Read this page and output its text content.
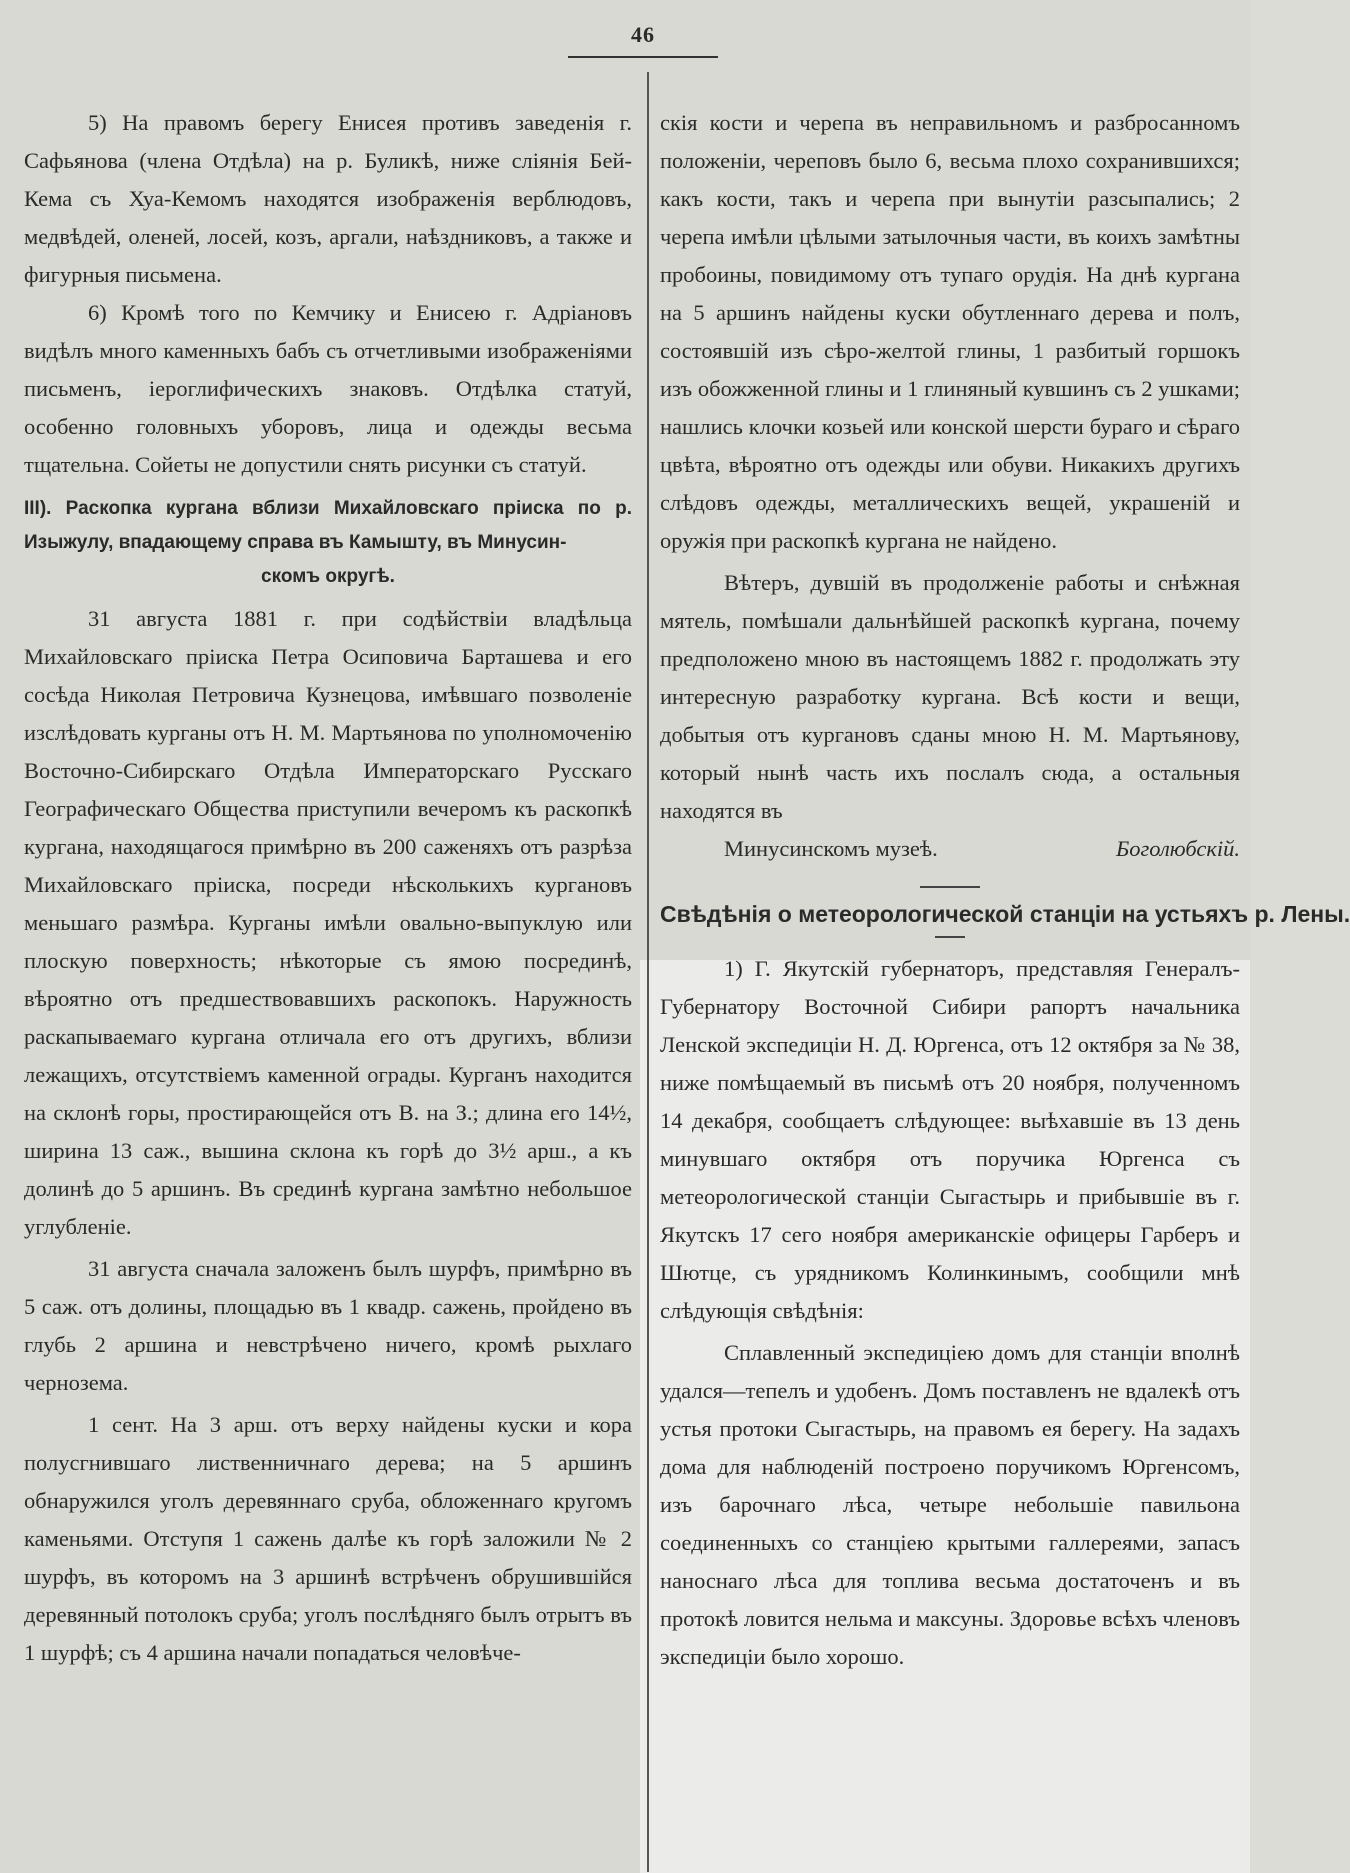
46

5) На правомъ берегу Енисея противъ заведенія г. Сафьянова (члена Отдѣла) на р. Буликѣ, ниже сліянія Бей-Кема съ Хуа-Кемомъ находятся изображенія верблюдовъ, медвѣдей, оленей, лосей, козъ, аргали, наѣздниковъ, а также и фигурныя письмена.

6) Кромѣ того по Кемчику и Енисею г. Адріановъ видѣлъ много каменныхъ бабъ съ отчетливыми изображеніями письменъ, іероглифическихъ знаковъ. Отдѣлка статуй, особенно головныхъ уборовъ, лица и одежды весьма тщательна. Сойеты не допустили снять рисунки съ статуй.

III). Раскопка кургана вблизи Михайловскаго пріиска по р. Изыжулу, впадающему справа въ Камышту, въ Минусин-
скомъ округѣ.

31 августа 1881 г. при содѣйствіи владѣльца Михайловскаго пріиска Петра Осиповича Барташева и его сосѣда Николая Петровича Кузнецова, имѣвшаго позволеніе изслѣдовать курганы отъ Н. М. Мартьянова по уполномоченію Восточно-Сибирскаго Отдѣла Императорскаго Русскаго Географическаго Общества приступили вечеромъ къ раскопкѣ кургана, находящагося примѣрно въ 200 саженяхъ отъ разрѣза Михайловскаго пріиска, посреди нѣсколькихъ кургановъ меньшаго размѣра. Курганы имѣли овально-выпуклую или плоскую поверхность; нѣкоторые съ ямою посрединѣ, вѣроятно отъ предшествовавшихъ раскопокъ. Наружность раскапываемаго кургана отличала его отъ другихъ, вблизи лежащихъ, отсутствіемъ каменной ограды. Курганъ находится на склонѣ горы, простирающейся отъ В. на З.; длина его 14½, ширина 13 саж., вышина склона къ горѣ до 3½ арш., а къ долинѣ до 5 аршинъ. Въ срединѣ кургана замѣтно небольшое углубленіе.

31 августа сначала заложенъ былъ шурфъ, примѣрно въ 5 саж. отъ долины, площадью въ 1 квадр. сажень, пройдено въ глубь 2 аршина и невстрѣчено ничего, кромѣ рыхлаго чернозема.

1 сент. На 3 арш. отъ верху найдены куски и кора полусгнившаго лиственничнаго дерева; на 5 аршинъ обнаружился уголъ деревяннаго сруба, обложеннаго кругомъ каменьями. Отступя 1 сажень далѣе къ горѣ заложили № 2 шурфъ, въ которомъ на 3 аршинѣ встрѣченъ обрушившійся деревянный потолокъ сруба; уголъ послѣдняго былъ отрытъ въ 1 шурфѣ; съ 4 аршина начали попадаться человѣче-

скія кости и черепа въ неправильномъ и разбросанномъ положеніи, череповъ было 6, весьма плохо сохранившихся; какъ кости, такъ и черепа при вынутіи разсыпались; 2 черепа имѣли цѣлыми затылочныя части, въ коихъ замѣтны пробоины, повидимому отъ тупаго орудія. На днѣ кургана на 5 аршинъ найдены куски обутленнаго дерева и полъ, состоявшій изъ сѣро-желтой глины, 1 разбитый горшокъ изъ обожженной глины и 1 глиняный кувшинъ съ 2 ушками; нашлись клочки козьей или конской шерсти бураго и сѣраго цвѣта, вѣроятно отъ одежды или обуви. Никакихъ другихъ слѣдовъ одежды, металлическихъ вещей, украшеній и оружія при раскопкѣ кургана не найдено.

Вѣтеръ, дувшій въ продолженіе работы и снѣжная мятель, помѣшали дальнѣйшей раскопкѣ кургана, почему предположено мною въ настоящемъ 1882 г. продолжать эту интересную разработку кургана. Всѣ кости и вещи, добытыя отъ кургановъ сданы мною Н. М. Мартьянову, который нынѣ часть ихъ послалъ сюда, а остальныя находятся въ

Минусинскомъ музеѣ.	Боголюбскій.

Свѣдѣнія о метеорологической станціи на устьяхъ р. Лены.

1) Г. Якутскій губернаторъ, представляя Генералъ-Губернатору Восточной Сибири рапортъ начальника Ленской экспедиціи Н. Д. Юргенса, отъ 12 октября за № 38, ниже помѣщаемый въ письмѣ отъ 20 ноября, полученномъ 14 декабря, сообщаетъ слѣдующее: выѣхавшіе въ 13 день минувшаго октября отъ поручика Юргенса съ метеорологической станціи Сыгастырь и прибывшіе въ г. Якутскъ 17 сего ноября американскіе офицеры Гарберъ и Шютце, съ урядникомъ Колинкинымъ, сообщили мнѣ слѣдующія свѣдѣнія:

Сплавленный экспедиціею домъ для станціи вполнѣ удался—тепелъ и удобенъ. Домъ поставленъ не вдалекѣ отъ устья протоки Сыгастырь, на правомъ ея берегу. На задахъ дома для наблюденій построено поручикомъ Юргенсомъ, изъ барочнаго лѣса, четыре небольшіе павильона соединенныхъ со станціею крытыми галлереями, запасъ наноснаго лѣса для топлива весьма достаточенъ и въ протокѣ ловится нельма и максуны. Здоровье всѣхъ членовъ экспедиціи было хорошо.
